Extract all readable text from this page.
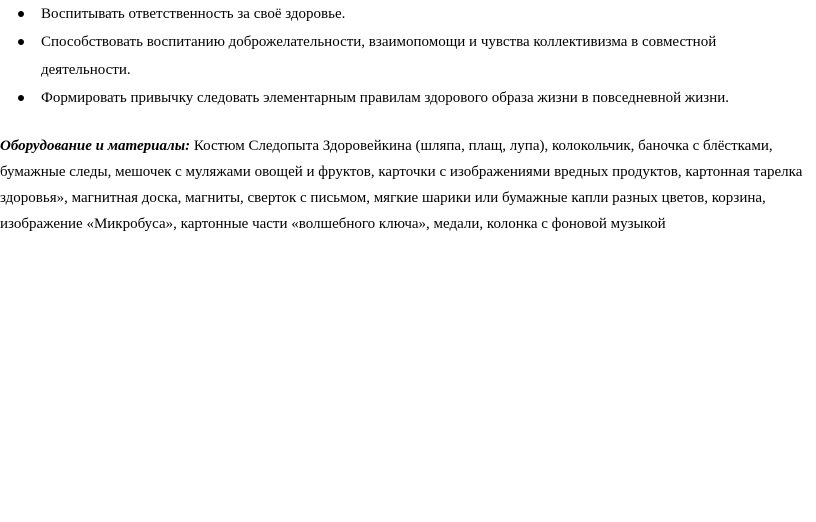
Воспитывать ответственность за своё здоровье.
Способствовать воспитанию доброжелательности, взаимопомощи и чувства коллективизма в совместной деятельности.
Формировать привычку следовать элементарным правилам здорового образа жизни в повседневной жизни.

Оборудование и материалы: Костюм Следопыта Здоровейкина (шляпа, плащ, лупа), колокольчик, баночка с блёстками, бумажные следы, мешочек с муляжами овощей и фруктов, карточки с изображениями вредных продуктов, картонная тарелка здоровья», магнитная доска, магниты, сверток с письмом, мягкие шарики или бумажные капли разных цветов, корзина, изображение «Микробуса», картонные части «волшебного ключа», медали, колонка с фоновой музыкой
